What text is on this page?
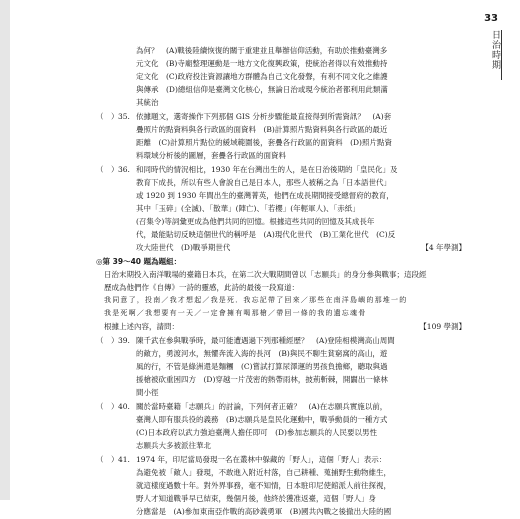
33
日治時期
為何？　(A)戰後陸續恢復的關于重建並且舉辦信仰活動，有助於推動臺灣多
元文化　(B)寺廟整理運動是一地方文化復興政策，使統治者得以有效推動持
定文化　(C)政府投注資源讓地方群體為自己文化發聲，有利不同文化之維護
與傳承　(D)總組信仰是臺灣文化核心，無論日治或現今統治者都利用此類滿
其統治
（　） 35. 依據題文，選寄操作下列那個 GIS 分析步驟能最直接得到所需資訊？　(A)套
疊照片的點資料與各行政區的面資料　(B)計算照片點資料與各行政區的最近
距離　(C)計算照片點位的緩域範圍後，套疊各行政區的面資料　(D)照片點資
料環域分析後的圖層，套疊各行政區的面資料
（　） 36. 和同時代的情況相比，1930 年在台灣出生的人，是在日治後期的「皇民化」及
教育下成長，所以有些人會說自己是日本人，那些人被稱之為「日本語世代」
或 1920 到 1930 年間出生的臺灣菁英，他們在成長期間接受總督府的教育，
其中「玉碎」(全滅)、「散華」(陣亡)、「若櫻」(年輕軍人)、「赤紙」
(召集令)等詞彙更成為他們共同的回憶。根據這些共同的回憶及其成長年
代，最能貼切反映這個世代的稱呼是　(A)現代化世代　(B)工業化世代　(C)反
攻大陸世代　(D)戰爭期世代	【4 年學測】
◎第 39～40 題為題組：
日治末期投入南洋戰場的臺籍日本兵，在第二次大戰期間曾以「志願兵」的身分參與戰事；這段經
歷成為他們作《自傳》一詩的靈感，此詩的最後一段寫道：
我同意了，投南／我才想起／我是死．我忘記帶了回來／那些在南洋島嶼的那堆一的
我是死啊／我想要有一天／一定會擁有喝那槍／帶回一條的我的遺忘魂骨
根據上述內容，請問：	【109 學測】
（　） 39. 陳千武在參與戰爭時，最可能遭遇過下列那種經歷？　(A)登陸相模灣高山周間
的敵方，勇渡河水，無懼奔流入海的長河　(B)與民不聊生貧窮窩的高山，遊
風的行，不管是綠洲還是麵糰　(C)嘗試打算尿澤運的男孩負擔鄉，聽取與過
援槍被砍重困四方　(D)穿越一片茂密的熱帶雨林，披荊斬棘，開闢出一條林
間小徑
（　） 40. 關於當時臺籍「志願兵」的討論，下列何者正確？　(A)在志願兵實施以前，
臺灣人即有服兵役的義務　(B)志願兵是皇民化運動中，戰爭動員的一種方式
(C)日本政府以武力強迫臺灣人擔任即可　(D)參加志願兵的人民要以男性
志願兵大多被派往華北
（　） 41. 1974 年，印尼當局發現一名在叢林中躲藏的「野人」，這個「野人」表示：
為避免被「敵人」發現，不敢進入附近村落，自己耕種、蒐捕野生動物維生，
就這樣度過數十年。對外界事務，毫不知情，日本駐印尼使館派人前往探視，
野人才知道戰爭早已結束，幾個月後，他終於獲准返臺，這個「野人」身
分應當是　(A)參加東南亞作戰的高砂義勇軍　(B)國共內戰之後撤出大陸的國
